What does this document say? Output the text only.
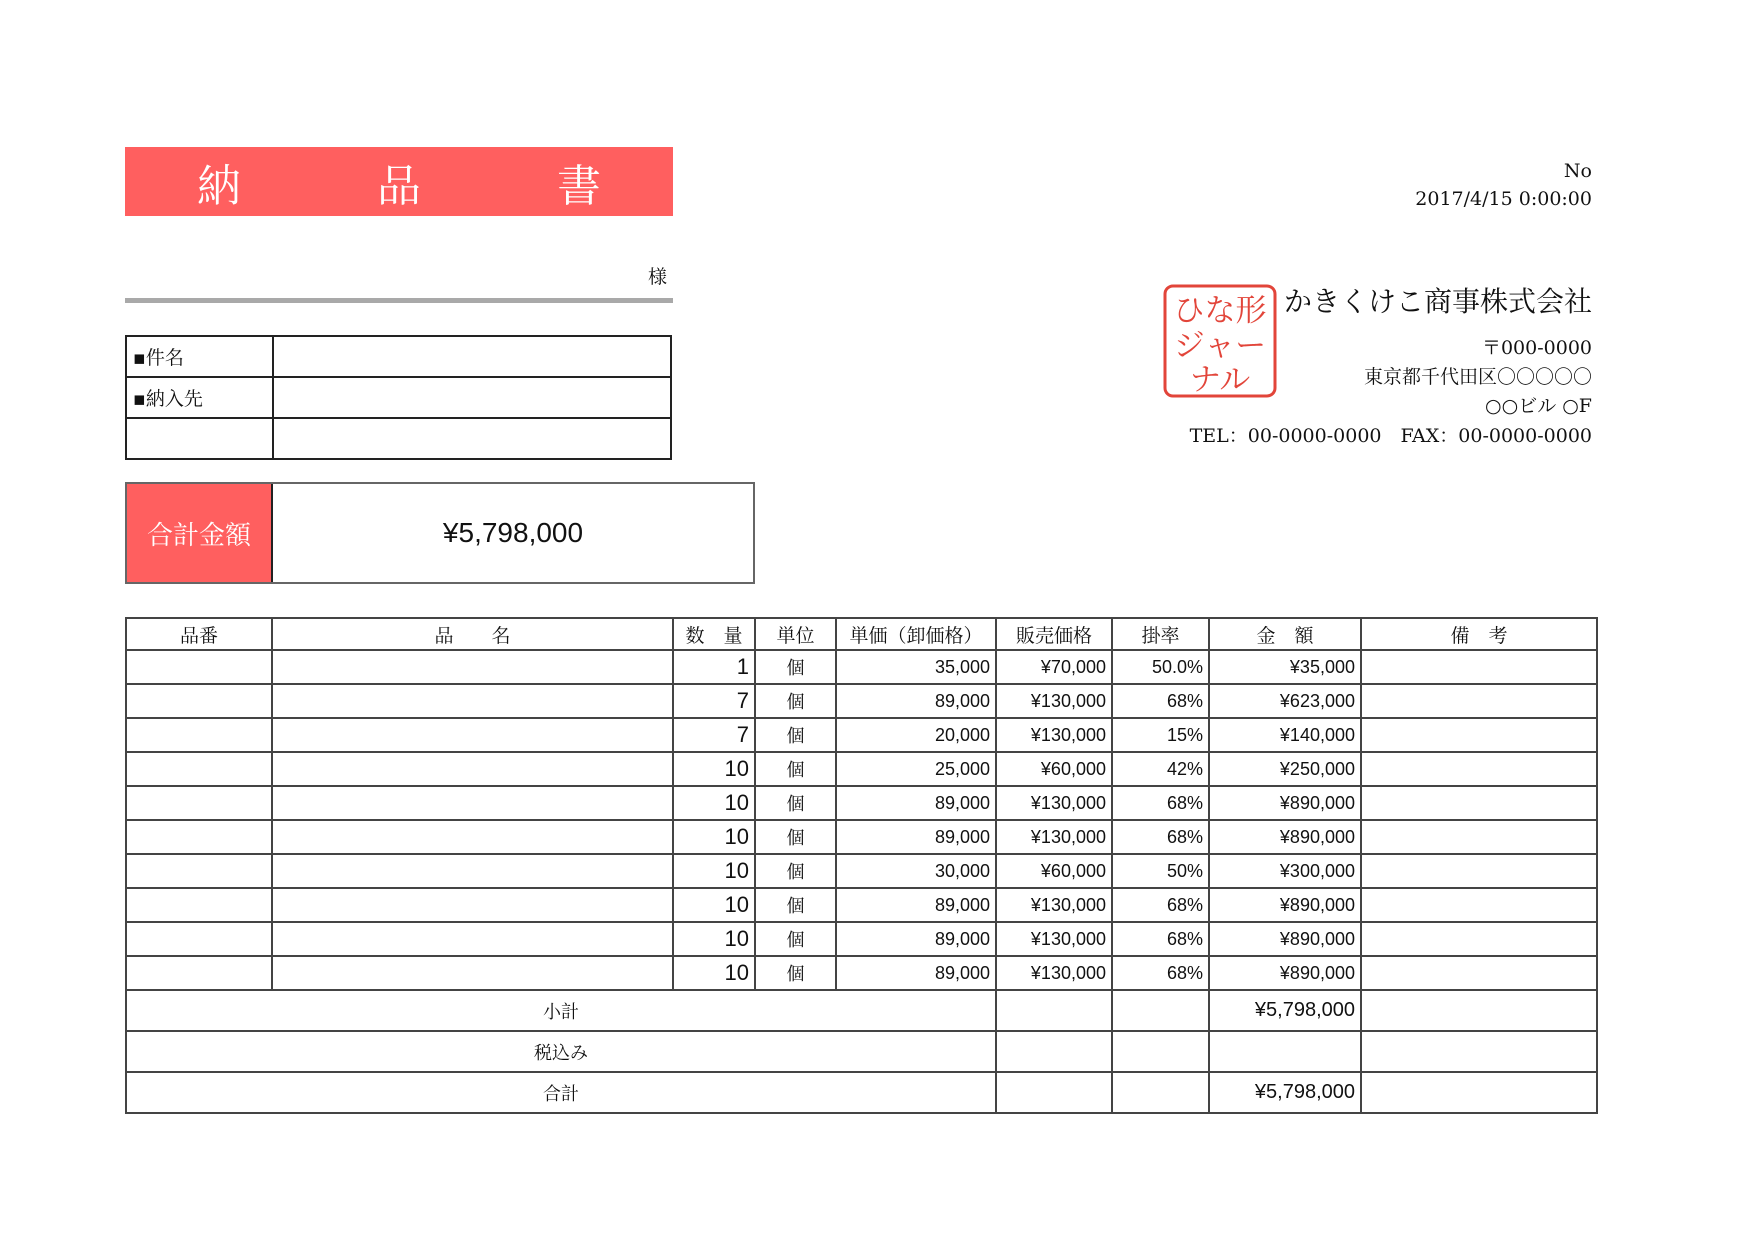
納　品　書	No
2017/4/15 0:00:00
様
▪件名	
▪納入先	

合計金額	¥5,798,000
ひな形
ジャー
ナル
かきくけこ商事株式会社
〒000-0000
東京都千代田区〇〇〇〇〇
○○ビル ○F
TEL：00-0000-0000　FAX：00-0000-0000
品番	品　　名	数　量	単位	単価（卸価格）	販売価格	掛率	金　額	備　考
		1	個	35,000	¥70,000	50.0%	¥35,000	
		7	個	89,000	¥130,000	68%	¥623,000	
		7	個	20,000	¥130,000	15%	¥140,000	
		10	個	25,000	¥60,000	42%	¥250,000	
		10	個	89,000	¥130,000	68%	¥890,000	
		10	個	89,000	¥130,000	68%	¥890,000	
		10	個	30,000	¥60,000	50%	¥300,000	
		10	個	89,000	¥130,000	68%	¥890,000	
		10	個	89,000	¥130,000	68%	¥890,000	
		10	個	89,000	¥130,000	68%	¥890,000	
小計							¥5,798,000	
税込み								
合計							¥5,798,000	
